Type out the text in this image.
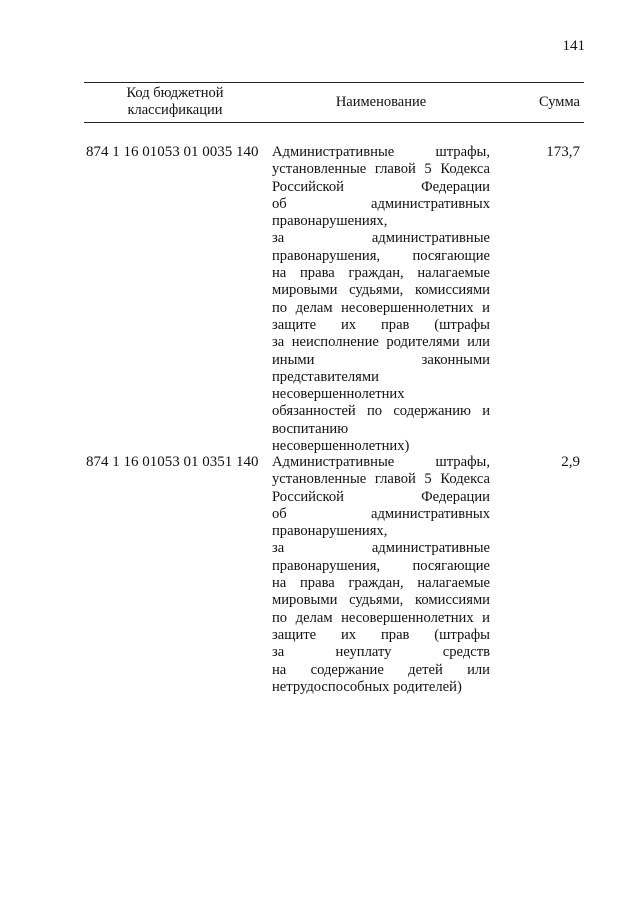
141
Код бюджетной классификации	Наименование	Сумма
874 1 16 01053 01 0035 140 Административные штрафы,
установленные главой 5 Кодекса
Российской Федерации
об административных
правонарушениях,
за административные
правонарушения, посягающие
на права граждан, налагаемые
мировыми судьями, комиссиями
по делам несовершеннолетних и
защите их прав (штрафы
за неисполнение родителями или
иными законными
представителями
несовершеннолетних
обязанностей по содержанию и
воспитанию
несовершеннолетних)
173,7
874 1 16 01053 01 0351 140 Административные штрафы,
установленные главой 5 Кодекса
Российской Федерации
об административных
правонарушениях,
за административные
правонарушения, посягающие
на права граждан, налагаемые
мировыми судьями, комиссиями
по делам несовершеннолетних и
защите их прав (штрафы
за неуплату средств
на содержание детей или
нетрудоспособных родителей)
2,9
